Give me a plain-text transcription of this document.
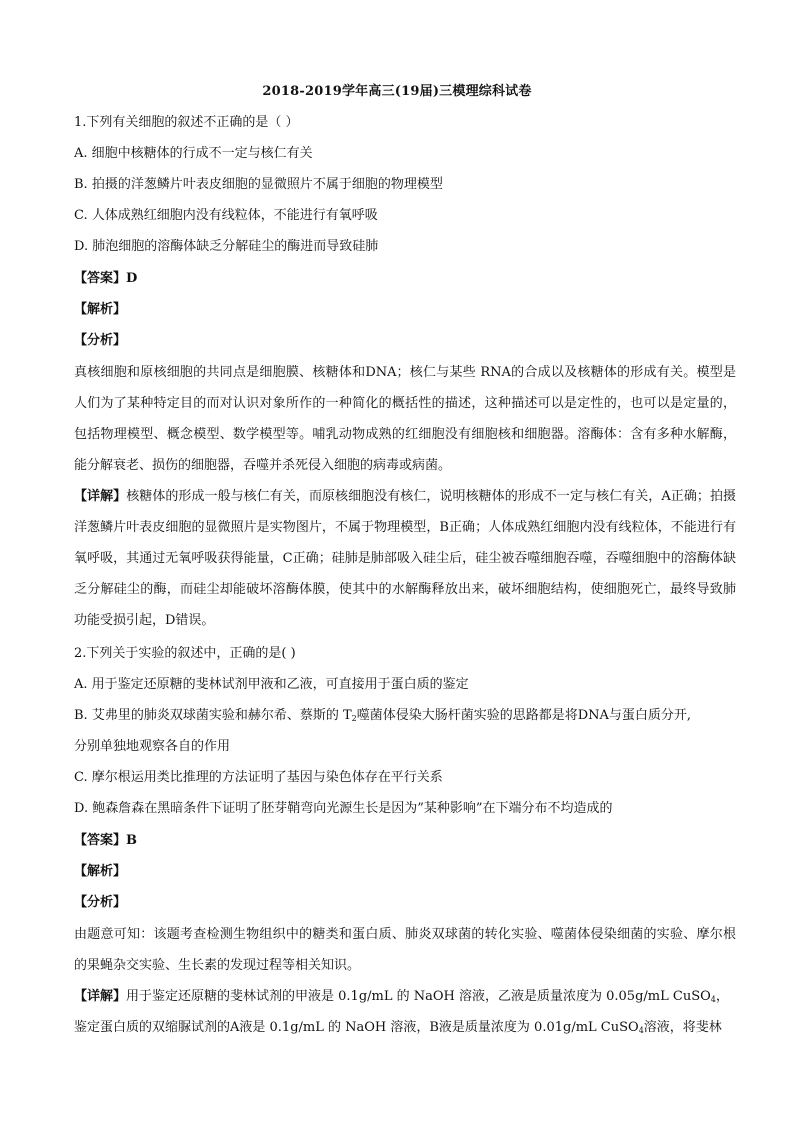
2018-2019学年高三(19届)三模理综科试卷
1.下列有关细胞的叙述不正确的是（ ）
A. 细胞中核糖体的行成不一定与核仁有关
B. 拍摄的洋葱鳞片叶表皮细胞的显微照片不属于细胞的物理模型
C. 人体成熟红细胞内没有线粒体，不能进行有氧呼吸
D. 肺泡细胞的溶酶体缺乏分解硅尘的酶进而导致硅肺
【答案】D
【解析】
【分析】
真核细胞和原核细胞的共同点是细胞膜、核糖体和DNA；核仁与某些 RNA的合成以及核糖体的形成有关。模型是人们为了某种特定目的而对认识对象所作的一种简化的概括性的描述，这种描述可以是定性的，也可以是定量的，包括物理模型、概念模型、数学模型等。哺乳动物成熟的红细胞没有细胞核和细胞器。溶酶体：含有多种水解酶，能分解衰老、损伤的细胞器，吞噬并杀死侵入细胞的病毒或病菌。
【详解】核糖体的形成一般与核仁有关，而原核细胞没有核仁，说明核糖体的形成不一定与核仁有关，A正确；拍摄洋葱鳞片叶表皮细胞的显微照片是实物图片，不属于物理模型，B正确；人体成熟红细胞内没有线粒体，不能进行有氧呼吸，其通过无氧呼吸获得能量，C正确；硅肺是肺部吸入硅尘后，硅尘被吞噬细胞吞噬，吞噬细胞中的溶酶体缺乏分解硅尘的酶，而硅尘却能破坏溶酶体膜，使其中的水解酶释放出来，破坏细胞结构，使细胞死亡，最终导致肺功能受损引起，D错误。
2.下列关于实验的叙述中，正确的是( )
A. 用于鉴定还原糖的斐林试剂甲液和乙液，可直接用于蛋白质的鉴定
B. 艾弗里的肺炎双球菌实验和赫尔希、蔡斯的 $T_2$噬菌体侵染大肠杆菌实验的思路都是将DNA与蛋白质分开,
分别单独地观察各自的作用
C. 摩尔根运用类比推理的方法证明了基因与染色体存在平行关系
D. 鲍森詹森在黑暗条件下证明了胚芽鞘弯向光源生长是因为”某种影响”在下端分布不均造成的
【答案】B
【解析】
【分析】
由题意可知：该题考查检测生物组织中的糖类和蛋白质、肺炎双球菌的转化实验、噬菌体侵染细菌的实验、摩尔根的果蝇杂交实验、生长素的发现过程等相关知识。
【详解】用于鉴定还原糖的斐林试剂的甲液是 0.1g/mL 的 NaOH 溶液，乙液是质量浓度为 0.05g/mL CuSO$_4$，
鉴定蛋白质的双缩脲试剂的A液是 0.1g/mL 的 NaOH 溶液，B液是质量浓度为 0.01g/mL CuSO$_4$溶液，将斐林
